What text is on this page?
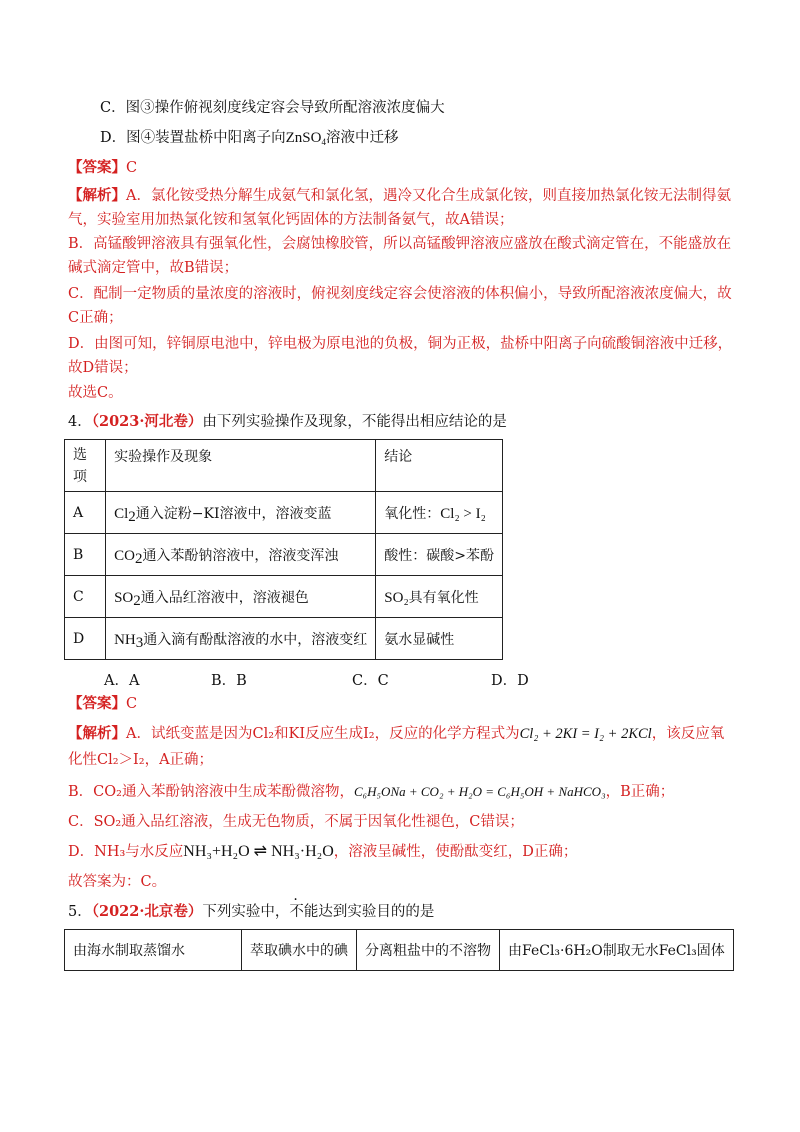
C．图③操作俯视刻度线定容会导致所配溶液浓度偏大
D．图④装置盐桥中阳离子向ZnSO$_4$溶液中迁移
【答案】C
【解析】A．氯化铵受热分解生成氨气和氯化氢，遇冷又化合生成氯化铵，则直接加热氯化铵无法制得氨
气，实验室用加热氯化铵和氢氧化钙固体的方法制备氨气，故A错误；
B．高锰酸钾溶液具有强氧化性，会腐蚀橡胶管，所以高锰酸钾溶液应盛放在酸式滴定管在，不能盛放在
碱式滴定管中，故B错误；
C．配制一定物质的量浓度的溶液时，俯视刻度线定容会使溶液的体积偏小，导致所配溶液浓度偏大，故
C正确；
D．由图可知，锌铜原电池中，锌电极为原电池的负极，铜为正极，盐桥中阳离子向硫酸铜溶液中迁移，
故D错误；
故选C。
4．（2023·河北卷）由下列实验操作及现象，不能得出相应结论的是
选项	实验操作及现象	结论
A	$Cl_2$通入淀粉−KI溶液中，溶液变蓝	氧化性：Cl₂ > I₂
B	$CO_2$通入苯酚钠溶液中，溶液变浑浊	酸性：碳酸>苯酚
C	$SO_2$通入品红溶液中，溶液褪色	SO₂具有氧化性
D	$NH_3$通入滴有酚酞溶液的水中，溶液变红	氨水显碱性
A．A	B．B	C．C	D．D
【答案】C
【解析】A．试纸变蓝是因为Cl₂和KI反应生成I₂，反应的化学方程式为Cl₂ + 2KI = I₂ + 2KCl，该反应氧
化性Cl₂＞I₂，A正确；
B．CO₂通入苯酚钠溶液中生成苯酚微溶物，C₆H₅ONa + CO₂ + H₂O = C₆H₅OH + NaHCO₃，B正确；
C．SO₂通入品红溶液，生成无色物质，不属于因氧化性褪色，C错误；
D．NH₃与水反应NH₃+H₂O ⇌ NH₃·H₂O，溶液呈碱性，使酚酞变红，D正确；
故答案为：C。
5．（2022·北京卷）下列实验中，不能达到实验目的的是
由海水制取蒸馏水	萃取碘水中的碘	分离粗盐中的不溶物	由FeCl₃·6H₂O制取无水FeCl₃固体
